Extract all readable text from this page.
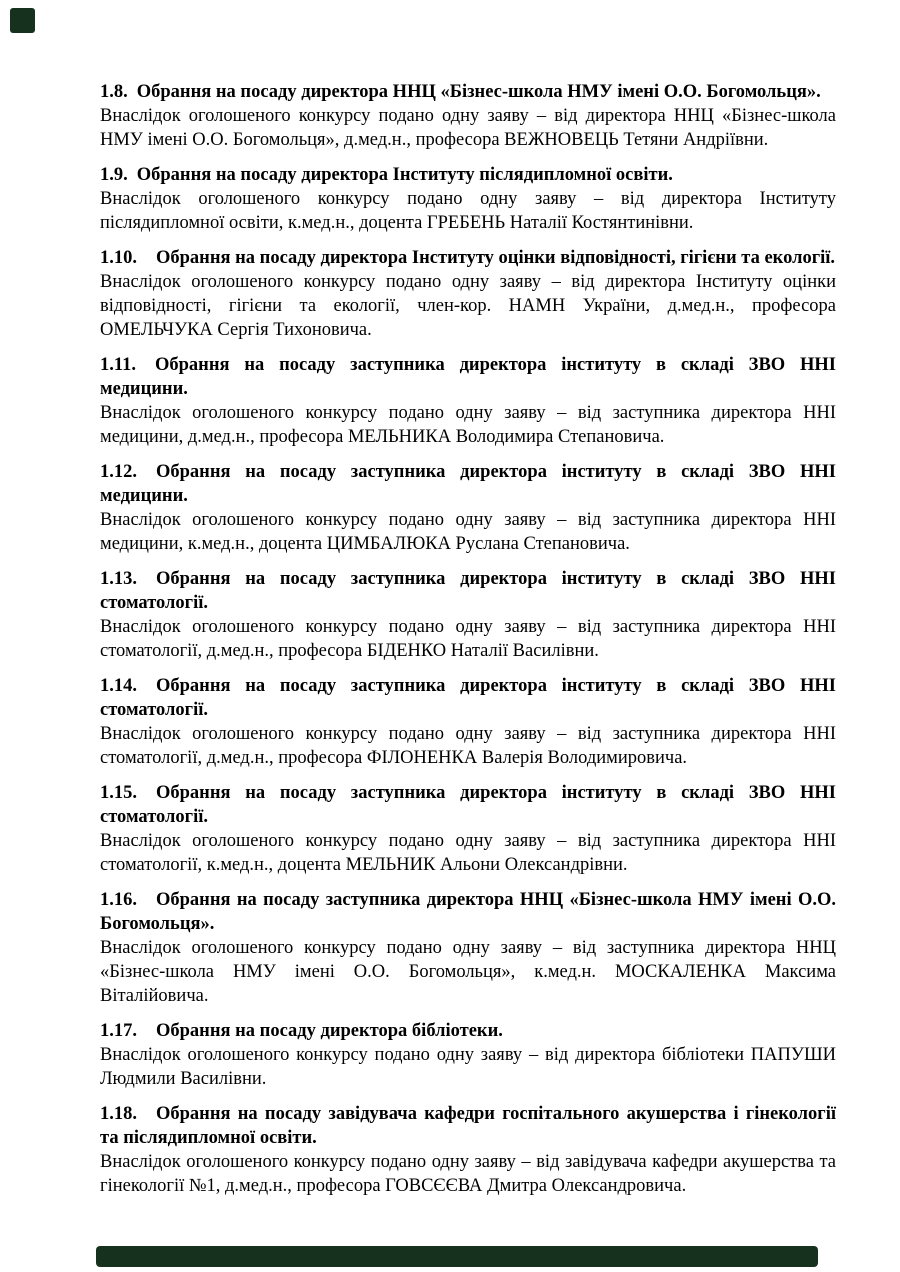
1.8. Обрання на посаду директора ННЦ «Бізнес-школа НМУ імені О.О. Богомольця».

Внаслідок оголошеного конкурсу подано одну заяву – від директора ННЦ «Бізнес-школа НМУ імені О.О. Богомольця», д.мед.н., професора ВЕЖНОВЕЦЬ Тетяни Андріївни.

1.9. Обрання на посаду директора Інституту післядипломної освіти.

Внаслідок оголошеного конкурсу подано одну заяву – від директора Інституту післядипломної освіти, к.мед.н., доцента ГРЕБЕНЬ Наталії Костянтинівни.

1.10. Обрання на посаду директора Інституту оцінки відповідності, гігієни та екології.

Внаслідок оголошеного конкурсу подано одну заяву – від директора Інституту оцінки відповідності, гігієни та екології, член-кор. НАМН України, д.мед.н., професора ОМЕЛЬЧУКА Сергія Тихоновича.

1.11. Обрання на посаду заступника директора інституту в складі ЗВО ННІ медицини.

Внаслідок оголошеного конкурсу подано одну заяву – від заступника директора ННІ медицини, д.мед.н., професора МЕЛЬНИКА Володимира Степановича.

1.12. Обрання на посаду заступника директора інституту в складі ЗВО ННІ медицини.

Внаслідок оголошеного конкурсу подано одну заяву – від заступника директора ННІ медицини, к.мед.н., доцента ЦИМБАЛЮКА Руслана Степановича.

1.13. Обрання на посаду заступника директора інституту в складі ЗВО ННІ стоматології.

Внаслідок оголошеного конкурсу подано одну заяву – від заступника директора ННІ стоматології, д.мед.н., професора БІДЕНКО Наталії Василівни.

1.14. Обрання на посаду заступника директора інституту в складі ЗВО ННІ стоматології.

Внаслідок оголошеного конкурсу подано одну заяву – від заступника директора ННІ стоматології, д.мед.н., професора ФІЛОНЕНКА Валерія Володимировича.

1.15. Обрання на посаду заступника директора інституту в складі ЗВО ННІ стоматології.

Внаслідок оголошеного конкурсу подано одну заяву – від заступника директора ННІ стоматології, к.мед.н., доцента МЕЛЬНИК Альони Олександрівни.

1.16. Обрання на посаду заступника директора ННЦ «Бізнес-школа НМУ імені О.О. Богомольця».

Внаслідок оголошеного конкурсу подано одну заяву – від заступника директора ННЦ «Бізнес-школа НМУ імені О.О. Богомольця», к.мед.н. МОСКАЛЕНКА Максима Віталійовича.

1.17. Обрання на посаду директора бібліотеки.

Внаслідок оголошеного конкурсу подано одну заяву – від директора бібліотеки ПАПУШИ Людмили Василівни.

1.18. Обрання на посаду завідувача кафедри госпітального акушерства і гінекології та післядипломної освіти.

Внаслідок оголошеного конкурсу подано одну заяву – від завідувача кафедри акушерства та гінекології №1, д.мед.н., професора ГОВСЄЄВА Дмитра Олександровича.
